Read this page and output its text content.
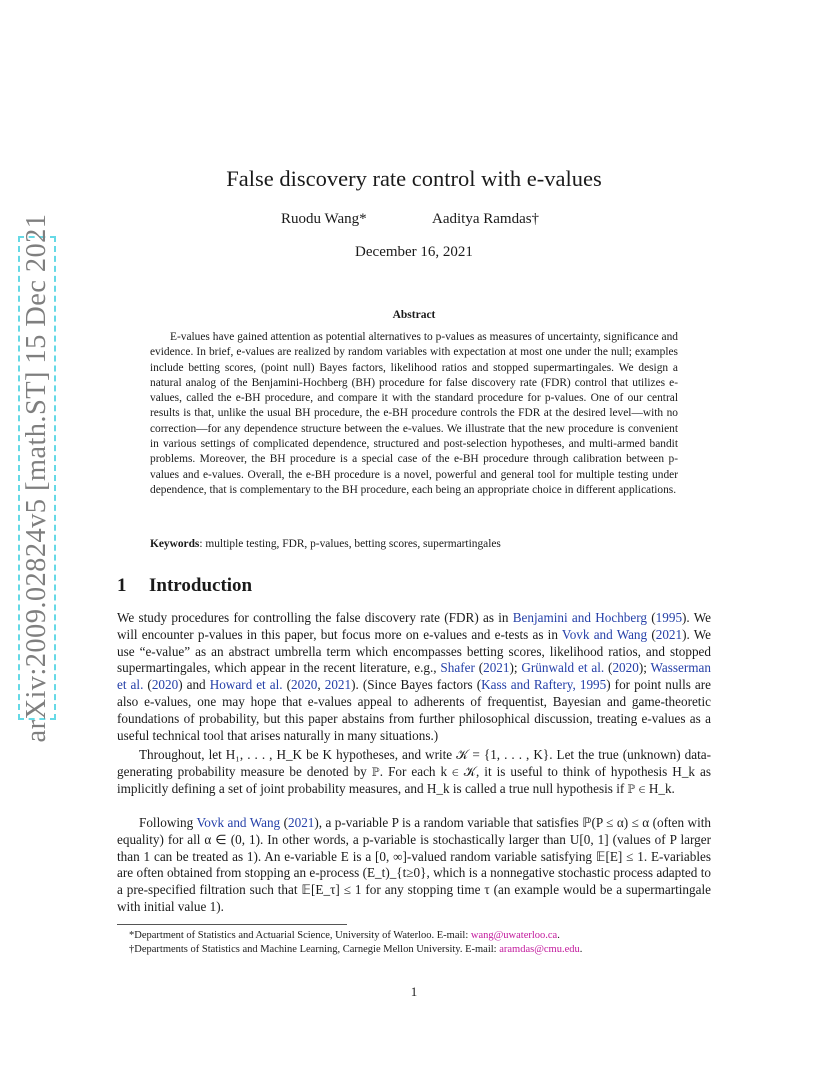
arXiv:2009.02824v5 [math.ST] 15 Dec 2021
False discovery rate control with e-values
Ruodu Wang*	Aaditya Ramdas†
December 16, 2021
Abstract

E-values have gained attention as potential alternatives to p-values as measures of uncertainty, significance and evidence. In brief, e-values are realized by random variables with expectation at most one under the null; examples include betting scores, (point null) Bayes factors, likelihood ratios and stopped supermartingales. We design a natural analog of the Benjamini-Hochberg (BH) procedure for false discovery rate (FDR) control that utilizes e-values, called the e-BH procedure, and compare it with the standard procedure for p-values. One of our central results is that, unlike the usual BH procedure, the e-BH procedure controls the FDR at the desired level—with no correction—for any dependence structure between the e-values. We illustrate that the new procedure is convenient in various settings of complicated dependence, structured and post-selection hypotheses, and multi-armed bandit problems. Moreover, the BH procedure is a special case of the e-BH procedure through calibration between p-values and e-values. Overall, the e-BH procedure is a novel, powerful and general tool for multiple testing under dependence, that is complementary to the BH procedure, each being an appropriate choice in different applications.

Keywords: multiple testing, FDR, p-values, betting scores, supermartingales
1 Introduction

We study procedures for controlling the false discovery rate (FDR) as in Benjamini and Hochberg (1995). We will encounter p-values in this paper, but focus more on e-values and e-tests as in Vovk and Wang (2021). We use “e-value” as an abstract umbrella term which encompasses betting scores, likelihood ratios, and stopped supermartingales, which appear in the recent literature, e.g., Shafer (2021); Grünwald et al. (2020); Wasserman et al. (2020) and Howard et al. (2020, 2021). (Since Bayes factors (Kass and Raftery, 1995) for point nulls are also e-values, one may hope that e-values appeal to adherents of frequentist, Bayesian and game-theoretic foundations of probability, but this paper abstains from further philosophical discussion, treating e-values as a useful technical tool that arises naturally in many situations.)

Throughout, let H₁, . . . , H_K be K hypotheses, and write 𝒦 = {1, . . . , K}. Let the true (unknown) data-generating probability measure be denoted by ℙ. For each k ∈ 𝒦, it is useful to think of hypothesis H_k as implicitly defining a set of joint probability measures, and H_k is called a true null hypothesis if ℙ ∈ H_k.

Following Vovk and Wang (2021), a p-variable P is a random variable that satisfies ℙ(P ≤ α) ≤ α (often with equality) for all α ∈ (0, 1). In other words, a p-variable is stochastically larger than U[0, 1] (values of P larger than 1 can be treated as 1). An e-variable E is a [0, ∞]-valued random variable satisfying 𝔼[E] ≤ 1. E-variables are often obtained from stopping an e-process (E_t)_{t≥0}, which is a nonnegative stochastic process adapted to a pre-specified filtration such that 𝔼[E_τ] ≤ 1 for any stopping time τ (an example would be a supermartingale with initial value 1).

*Department of Statistics and Actuarial Science, University of Waterloo. E-mail: wang@uwaterloo.ca.

†Departments of Statistics and Machine Learning, Carnegie Mellon University. E-mail: aramdas@cmu.edu.

1
